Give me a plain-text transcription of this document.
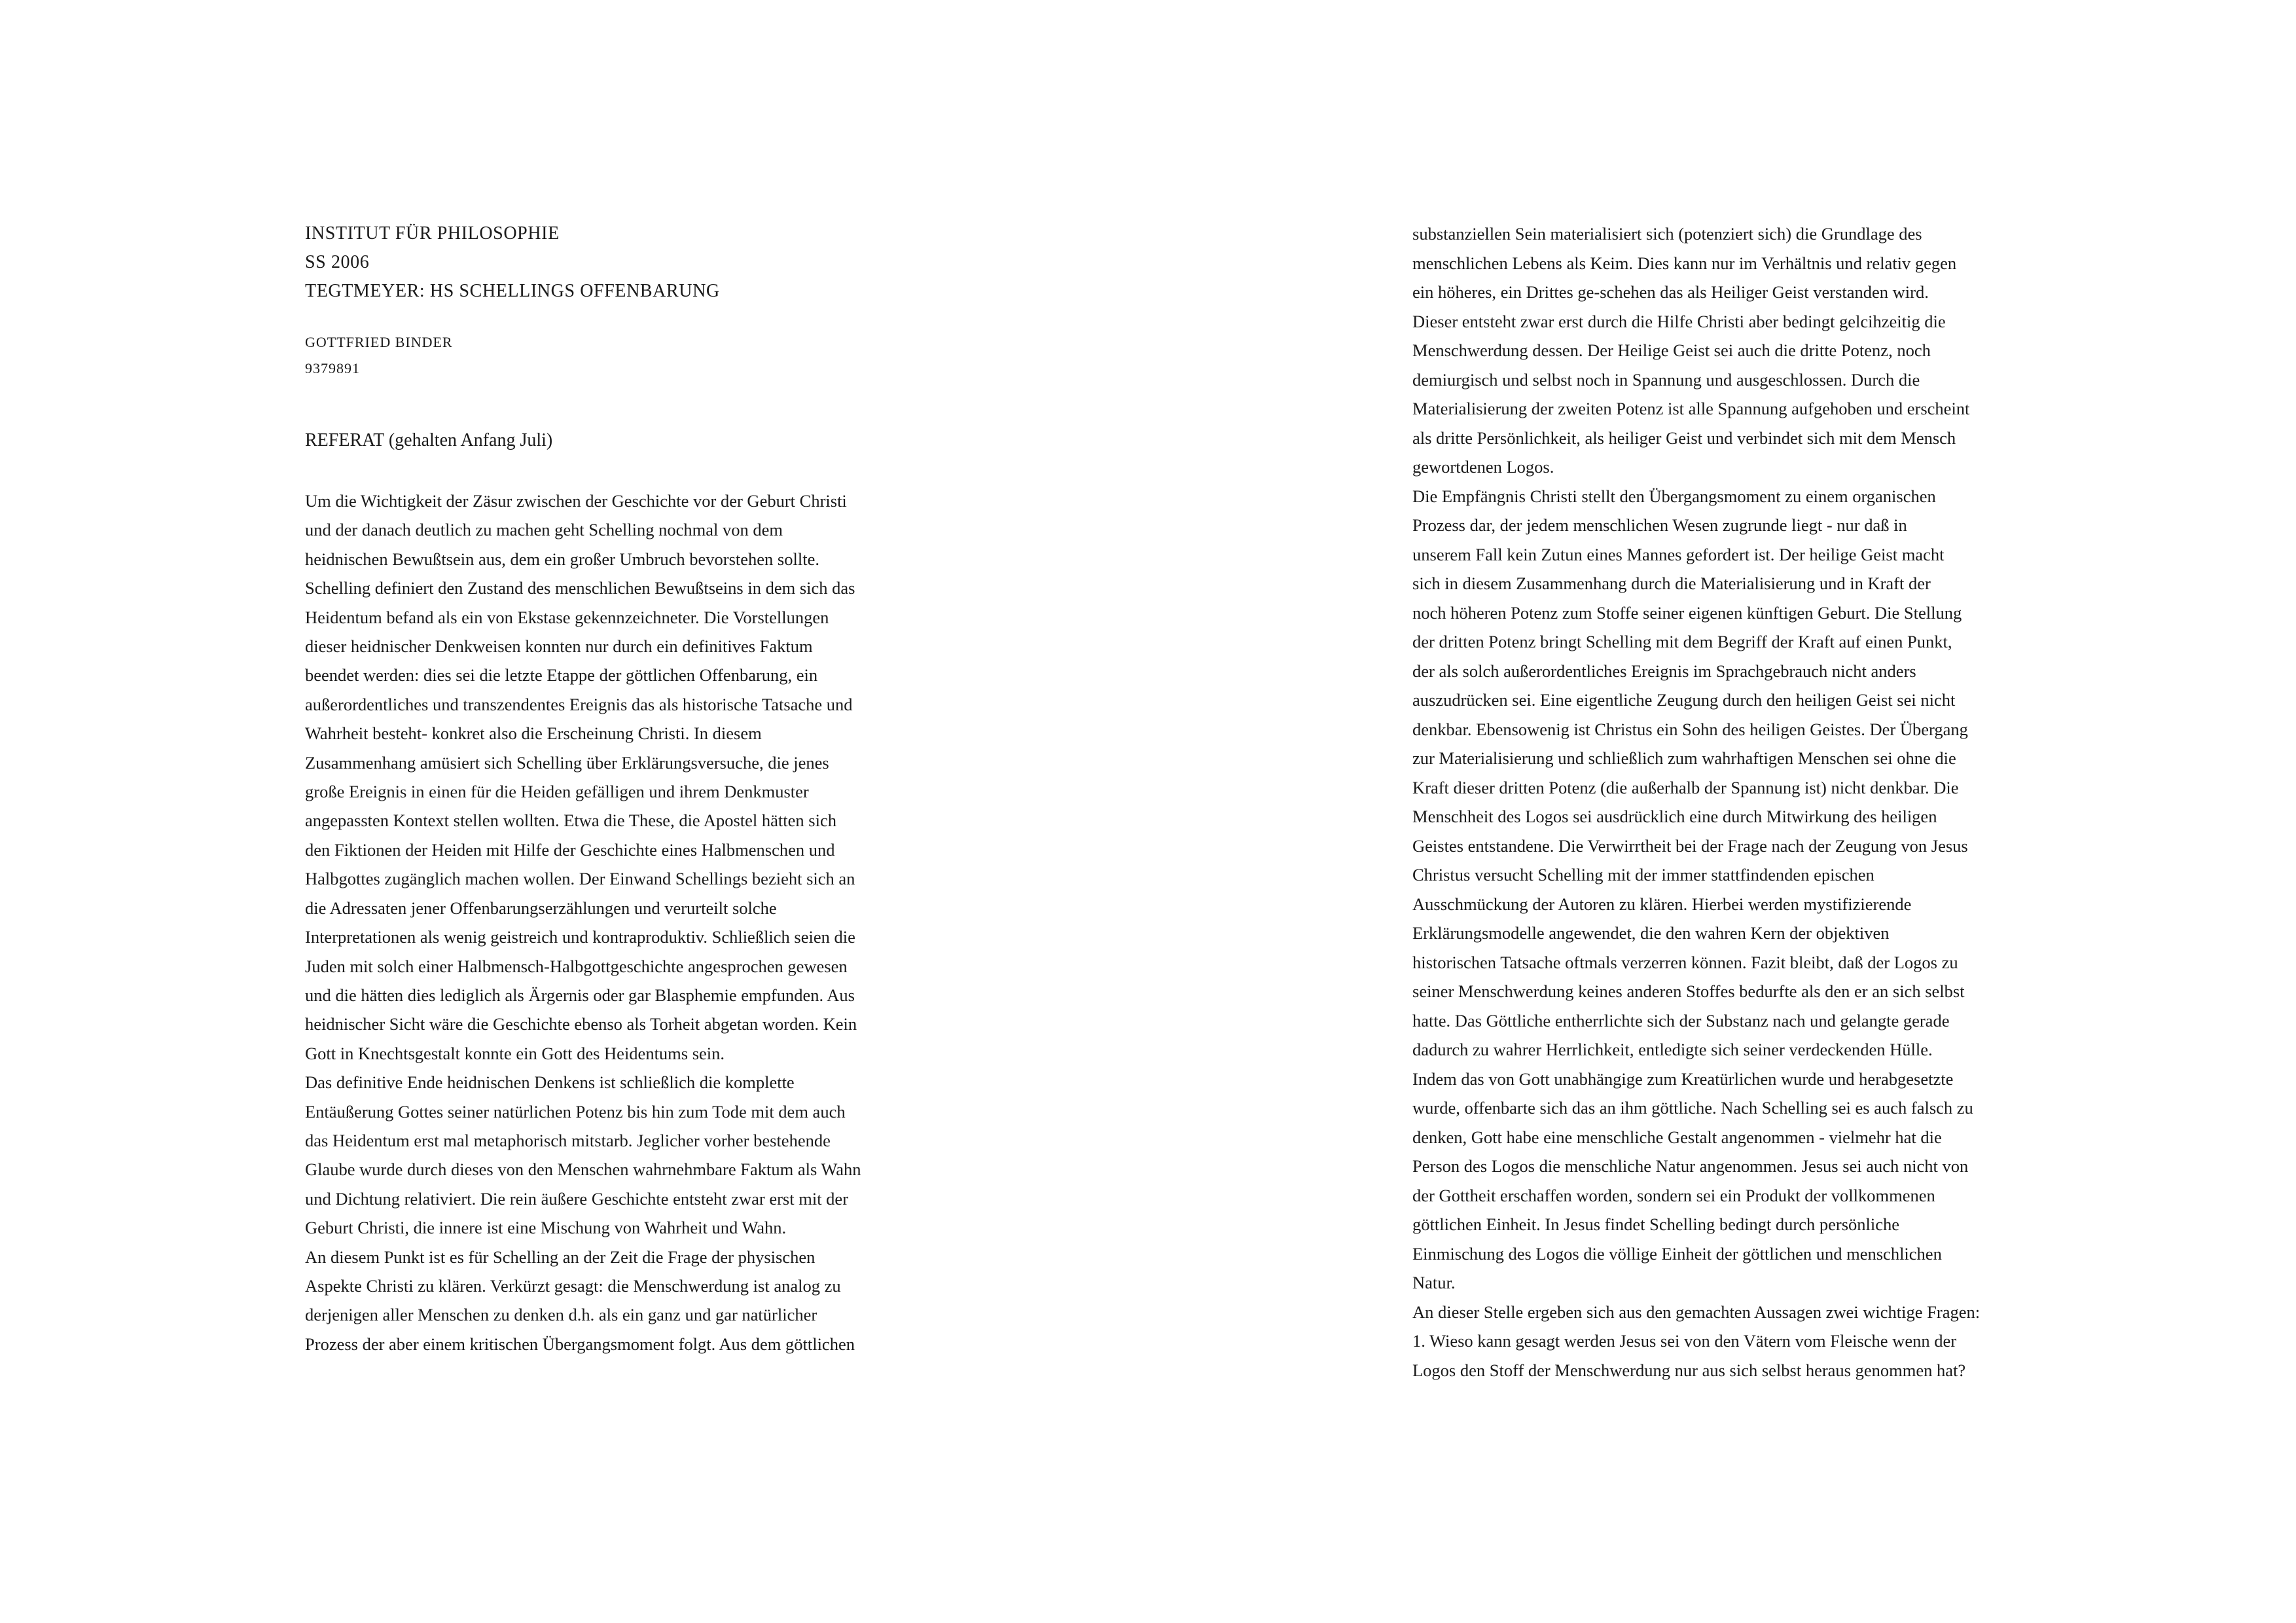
INSTITUT FÜR PHILOSOPHIE
SS 2006
TEGTMEYER: HS SCHELLINGS OFFENBARUNG
GOTTFRIED BINDER
9379891
REFERAT (gehalten Anfang Juli)
Um die Wichtigkeit der Zäsur zwischen der Geschichte vor der Geburt Christi
und der danach deutlich zu machen geht Schelling nochmal von dem
heidnischen Bewußtsein aus, dem ein großer Umbruch bevorstehen sollte.
Schelling definiert den Zustand des menschlichen Bewußtseins in dem sich das
Heidentum befand als ein von Ekstase gekennzeichneter. Die Vorstellungen
dieser heidnischer Denkweisen konnten nur durch ein definitives Faktum
beendet werden: dies sei die letzte Etappe der göttlichen Offenbarung, ein
außerordentliches und transzendentes Ereignis das als historische Tatsache und
Wahrheit besteht- konkret also die Erscheinung Christi. In diesem
Zusammenhang amüsiert sich Schelling über Erklärungsversuche, die jenes
große Ereignis in einen für die Heiden gefälligen und ihrem Denkmuster
angepassten Kontext stellen wollten. Etwa die These, die Apostel hätten sich
den Fiktionen der Heiden mit Hilfe der Geschichte eines Halbmenschen und
Halbgottes zugänglich machen wollen. Der Einwand Schellings bezieht sich an
die Adressaten jener Offenbarungserzählungen und verurteilt solche
Interpretationen als wenig geistreich und kontraproduktiv. Schließlich seien die
Juden mit solch einer Halbmensch-Halbgottgeschichte angesprochen gewesen
und die hätten dies lediglich als Ärgernis oder gar Blasphemie empfunden. Aus
heidnischer Sicht wäre die Geschichte ebenso als Torheit abgetan worden. Kein
Gott in Knechtsgestalt konnte ein Gott des Heidentums sein.
Das definitive Ende heidnischen Denkens ist schließlich die komplette
Entäußerung Gottes seiner natürlichen Potenz bis hin zum Tode mit dem auch
das Heidentum erst mal metaphorisch mitstarb. Jeglicher vorher bestehende
Glaube wurde durch dieses von den Menschen wahrnehmbare Faktum als Wahn
und Dichtung relativiert. Die rein äußere Geschichte entsteht zwar erst mit der
Geburt Christi, die innere ist eine Mischung von Wahrheit und Wahn.
An diesem Punkt ist es für Schelling an der Zeit die Frage der physischen
Aspekte Christi zu klären. Verkürzt gesagt: die Menschwerdung ist analog zu
derjenigen aller Menschen zu denken d.h. als ein ganz und gar natürlicher
Prozess der aber einem kritischen Übergangsmoment folgt. Aus dem göttlichen
substanziellen Sein materialisiert sich (potenziert sich) die Grundlage des
menschlichen Lebens als Keim. Dies kann nur im Verhältnis und relativ gegen
ein höheres, ein Drittes ge-schehen das als Heiliger Geist verstanden wird.
Dieser entsteht zwar erst durch die Hilfe Christi aber bedingt gelcihzeitig die
Menschwerdung dessen. Der Heilige Geist sei auch die dritte Potenz, noch
demiurgisch und selbst noch in Spannung und ausgeschlossen. Durch die
Materialisierung der zweiten Potenz ist alle Spannung aufgehoben und erscheint
als dritte Persönlichkeit, als heiliger Geist und verbindet sich mit dem Mensch
gewortdenen Logos.
Die Empfängnis Christi stellt den Übergangsmoment zu einem organischen
Prozess dar, der jedem menschlichen Wesen zugrunde liegt - nur daß in
unserem Fall kein Zutun eines Mannes gefordert ist. Der heilige Geist macht
sich in diesem Zusammenhang durch die Materialisierung und in Kraft der
noch höheren Potenz zum Stoffe seiner eigenen künftigen Geburt. Die Stellung
der dritten Potenz bringt Schelling mit dem Begriff der Kraft auf einen Punkt,
der als solch außerordentliches Ereignis im Sprachgebrauch nicht anders
auszudrücken sei. Eine eigentliche Zeugung durch den heiligen Geist sei nicht
denkbar. Ebensowenig ist Christus ein Sohn des heiligen Geistes. Der Übergang
zur Materialisierung und schließlich zum wahrhaftigen Menschen sei ohne die
Kraft dieser dritten Potenz (die außerhalb der Spannung ist) nicht denkbar. Die
Menschheit des Logos sei ausdrücklich eine durch Mitwirkung des heiligen
Geistes entstandene. Die Verwirrtheit bei der Frage nach der Zeugung von Jesus
Christus versucht Schelling mit der immer stattfindenden epischen
Ausschmückung der Autoren zu klären. Hierbei werden mystifizierende
Erklärungsmodelle angewendet, die den wahren Kern der objektiven
historischen Tatsache oftmals verzerren können. Fazit bleibt, daß der Logos zu
seiner Menschwerdung keines anderen Stoffes bedurfte als den er an sich selbst
hatte. Das Göttliche entherrlichte sich der Substanz nach und gelangte gerade
dadurch zu wahrer Herrlichkeit, entledigte sich seiner verdeckenden Hülle.
Indem das von Gott unabhängige zum Kreatürlichen wurde und herabgesetzte
wurde, offenbarte sich das an ihm göttliche. Nach Schelling sei es auch falsch zu
denken, Gott habe eine menschliche Gestalt angenommen - vielmehr hat die
Person des Logos die menschliche Natur angenommen. Jesus sei auch nicht von
der Gottheit erschaffen worden, sondern sei ein Produkt der vollkommenen
göttlichen Einheit. In Jesus findet Schelling bedingt durch persönliche
Einmischung des Logos die völlige Einheit der göttlichen und menschlichen
Natur.
An dieser Stelle ergeben sich aus den gemachten Aussagen zwei wichtige Fragen:
1. Wieso kann gesagt werden Jesus sei von den Vätern vom Fleische wenn der
Logos den Stoff der Menschwerdung nur aus sich selbst heraus genommen hat?
